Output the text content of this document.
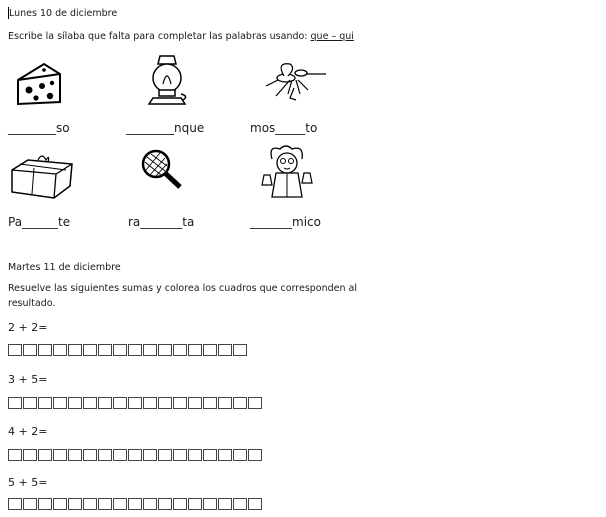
Lunes 10 de diciembre
Escribe la sílaba que falta para completar las palabras usando: que – qui
________so	________nque	mos_____to
Pa______te	ra_______ta	_______mico
Martes 11 de diciembre
Resuelve las siguientes sumas y colorea los cuadros que corresponden al
resultado.
2 + 2=
3 + 5=
4 + 2=
5 + 5=
